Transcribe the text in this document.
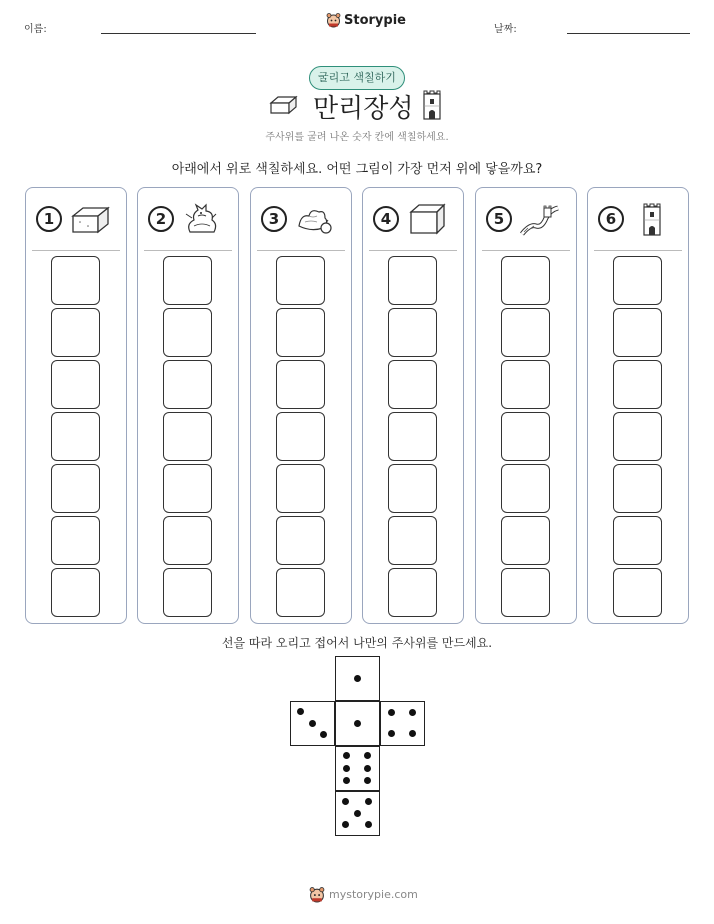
이름:	날짜:
Storypie
굴리고 색칠하기
만리장성
주사위를 굴려 나온 숫자 칸에 색칠하세요.
아래에서 위로 색칠하세요. 어떤 그림이 가장 먼저 위에 닿을까요?
1	2	3	4	5	6
선을 따라 오리고 접어서 나만의 주사위를 만드세요.
mystorypie.com
